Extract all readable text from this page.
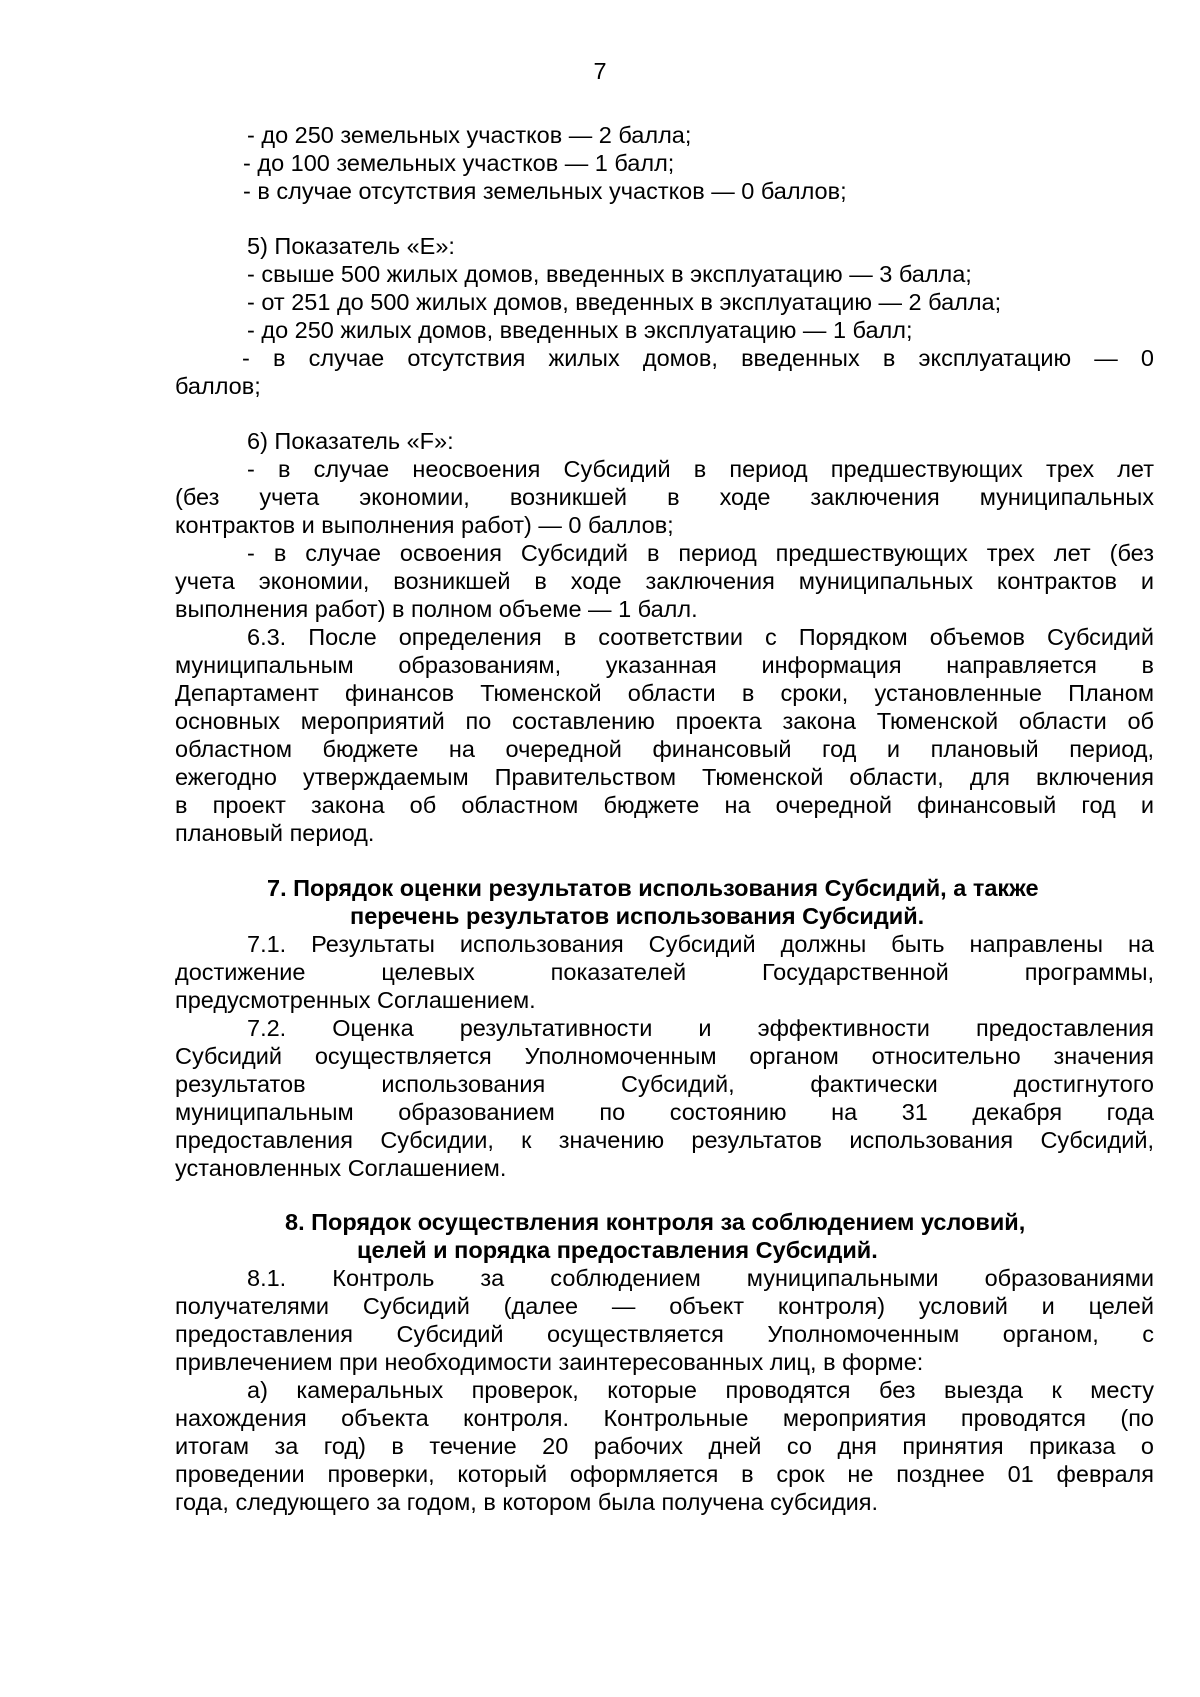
7

- до 250 земельных участков — 2 балла;

- до 100 земельных участков — 1 балл;

- в случае отсутствия земельных участков — 0 баллов;

5) Показатель «E»:

- свыше 500 жилых домов, введенных в эксплуатацию — 3 балла;

- от 251 до 500 жилых домов, введенных в эксплуатацию — 2 балла;

- до 250 жилых домов, введенных в эксплуатацию — 1 балл;

- в случае отсутствия жилых домов, введенных в эксплуатацию — 0

баллов;

6) Показатель «F»:

- в случае неосвоения Субсидий в период предшествующих трех лет

(без учета экономии, возникшей в ходе заключения муниципальных

контрактов и выполнения работ) — 0 баллов;

- в случае освоения Субсидий в период предшествующих трех лет (без

учета экономии, возникшей в ходе заключения муниципальных контрактов и

выполнения работ) в полном объеме — 1 балл.

6.3. После определения в соответствии с Порядком объемов Субсидий

муниципальным образованиям, указанная информация направляется в

Департамент финансов Тюменской области в сроки, установленные Планом

основных мероприятий по составлению проекта закона Тюменской области об

областном бюджете на очередной финансовый год и плановый период,

ежегодно утверждаемым Правительством Тюменской области, для включения

в проект закона об областном бюджете на очередной финансовый год и

плановый период.

7. Порядок оценки результатов использования Субсидий, а также

перечень результатов использования Субсидий.

7.1. Результаты использования Субсидий должны быть направлены на

достижение целевых показателей Государственной программы,

предусмотренных Соглашением.

7.2. Оценка результативности и эффективности предоставления

Субсидий осуществляется Уполномоченным органом относительно значения

результатов использования Субсидий, фактически достигнутого

муниципальным образованием по состоянию на 31 декабря года

предоставления Субсидии, к значению результатов использования Субсидий,

установленных Соглашением.

8. Порядок осуществления контроля за соблюдением условий,

целей и порядка предоставления Субсидий.

8.1. Контроль за соблюдением муниципальными образованиями

получателями Субсидий (далее — объект контроля) условий и целей

предоставления Субсидий осуществляется Уполномоченным органом, с

привлечением при необходимости заинтересованных лиц, в форме:

а) камеральных проверок, которые проводятся без выезда к месту

нахождения объекта контроля. Контрольные мероприятия проводятся (по

итогам за год) в течение 20 рабочих дней со дня принятия приказа о

проведении проверки, который оформляется в срок не позднее 01 февраля

года, следующего за годом, в котором была получена субсидия.
